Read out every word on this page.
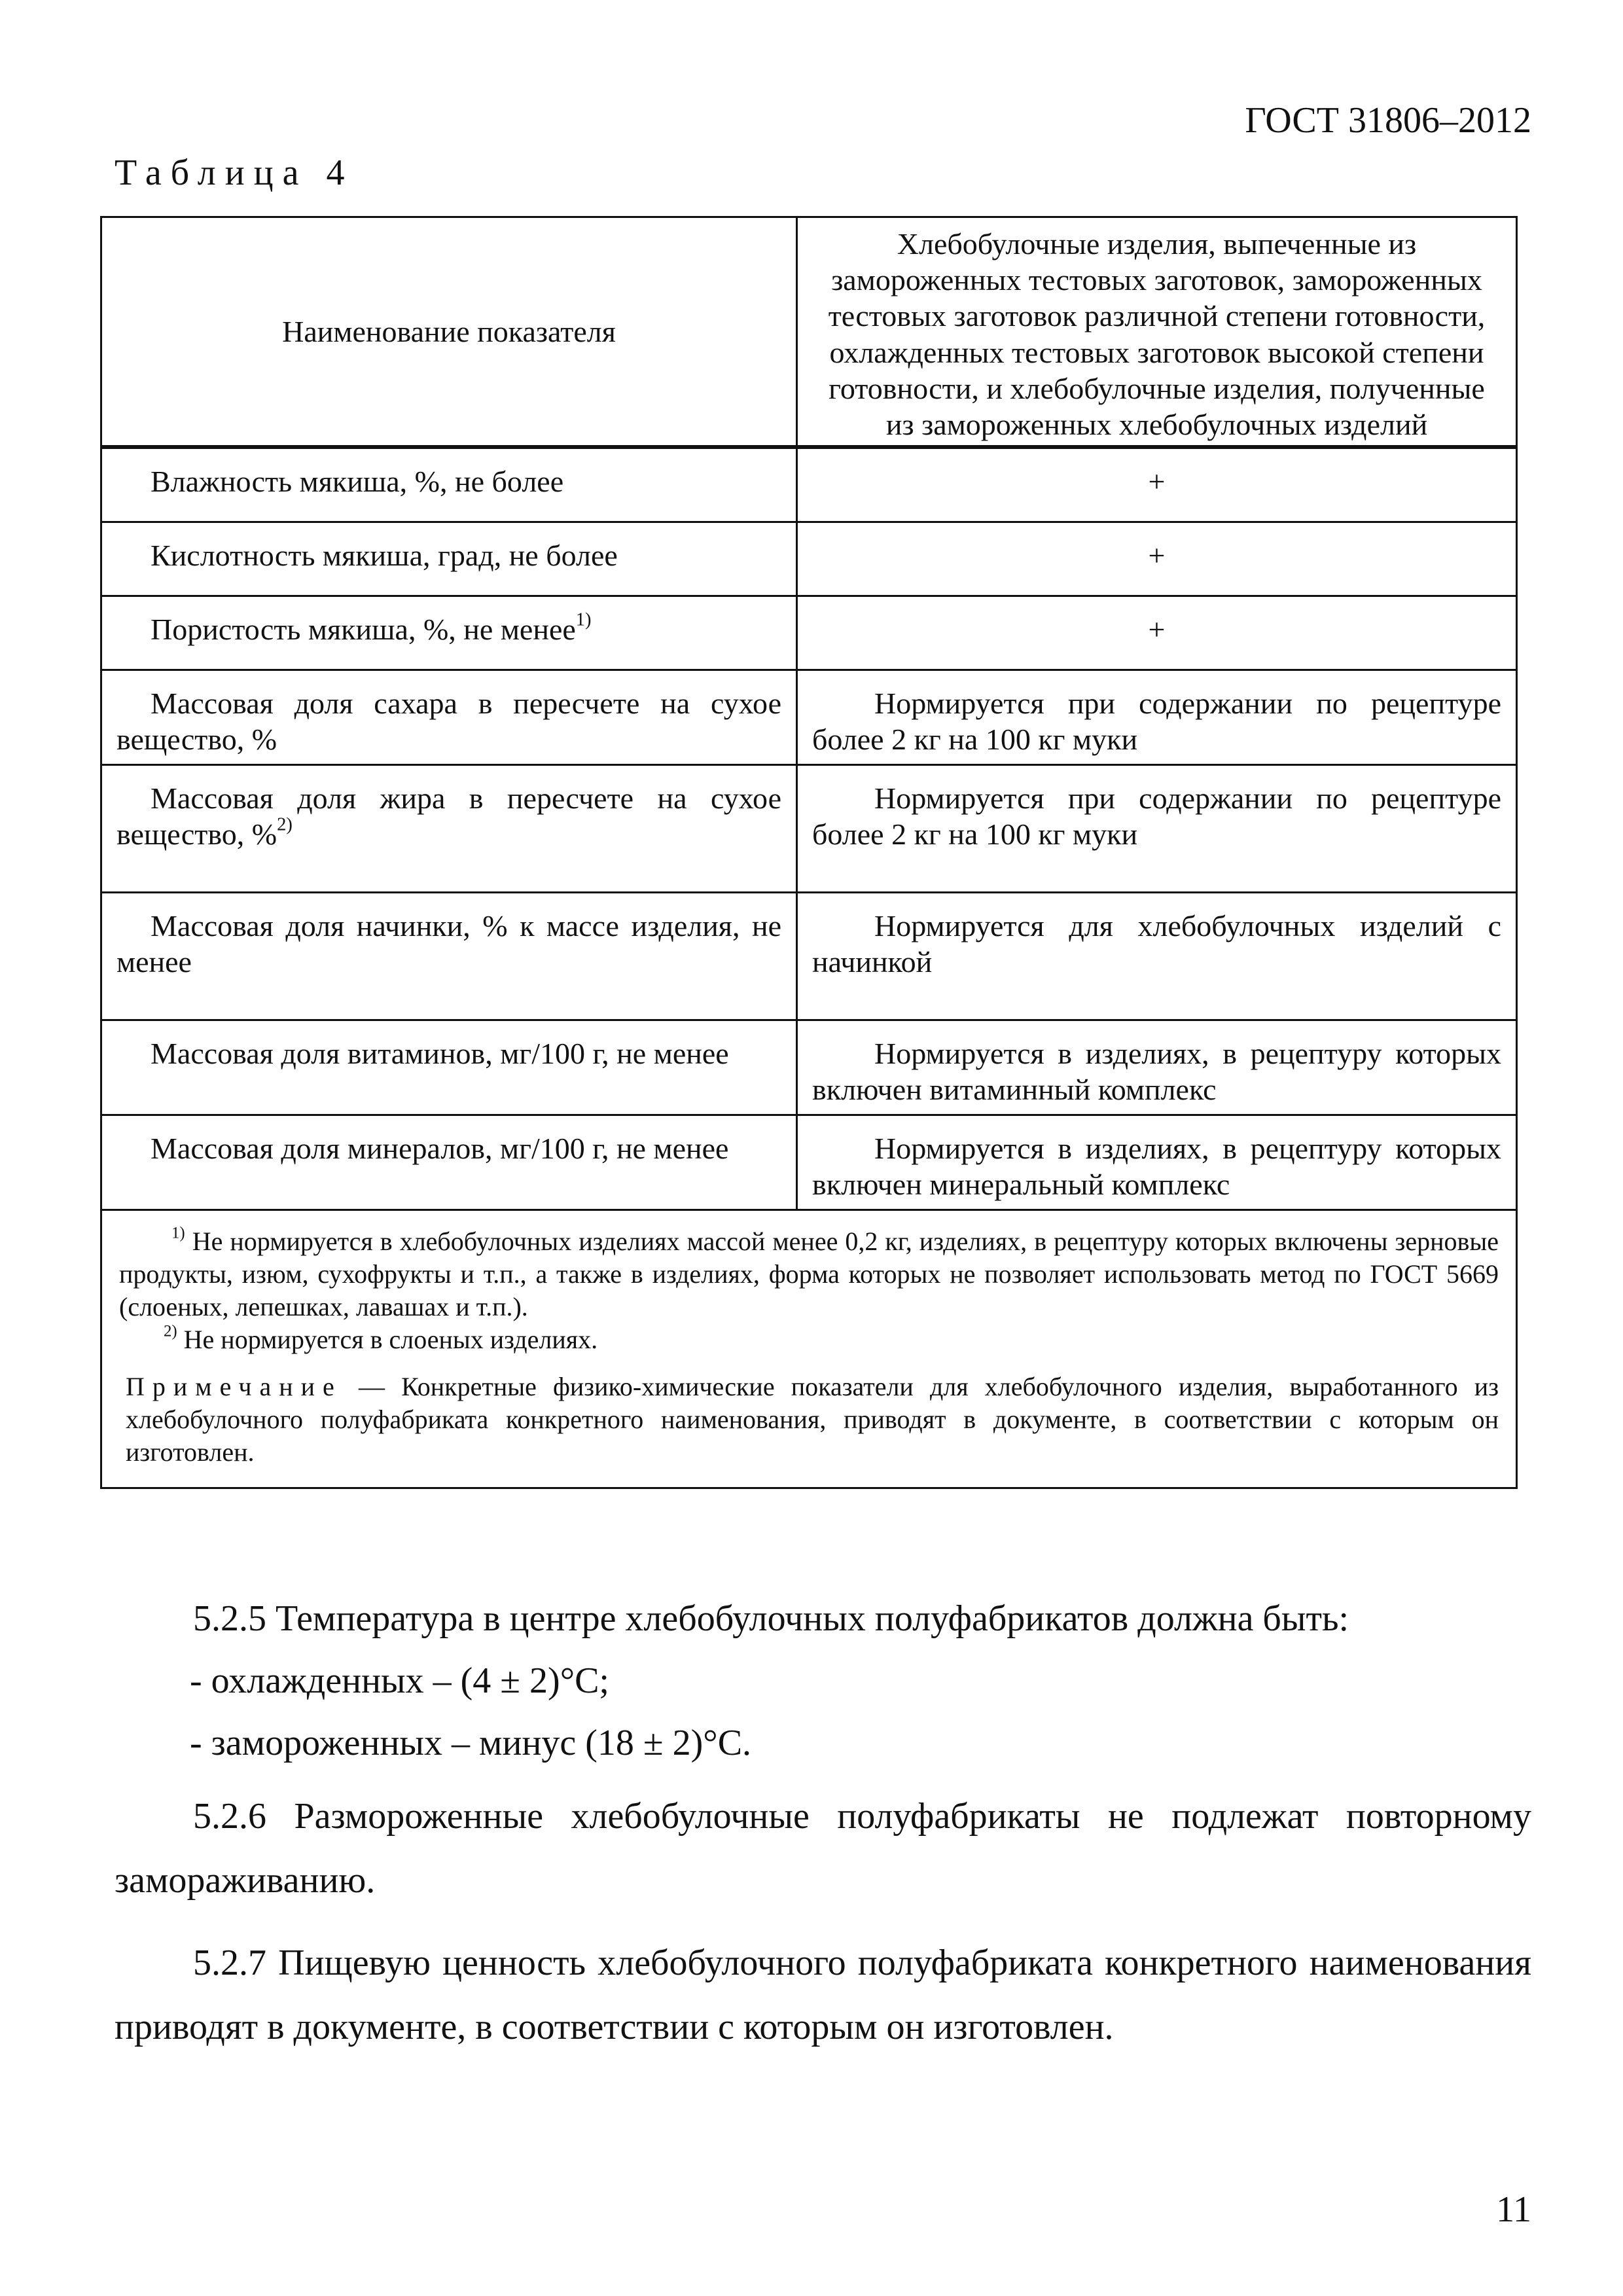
ГОСТ 31806–2012
Таблица 4
Наименование показателя	Хлебобулочные изделия, выпеченные из замороженных тестовых заготовок, замороженных тестовых заготовок различной степени готовности, охлажденных тестовых заготовок высокой степени готовности, и хлебобулочные изделия, полученные из замороженных хлебобулочных изделий
Влажность мякиша, %, не более	+
Кислотность мякиша, град, не более	+
Пористость мякиша, %, не менее$^{1)}$	+
Массовая доля сахара в пересчете на сухое вещество, %	Нормируется при содержании по рецептуре более 2 кг на 100 кг муки
Массовая доля жира в пересчете на сухое вещество, %$^{2)}$	Нормируется при содержании по рецептуре более 2 кг на 100 кг муки
Массовая доля начинки, % к массе изделия, не менее	Нормируется для хлебобулочных изделий с начинкой
Массовая доля витаминов, мг/100 г, не менее	Нормируется в изделиях, в рецептуру которых включен витаминный комплекс
Массовая доля минералов, мг/100 г, не менее	Нормируется в изделиях, в рецептуру которых включен минеральный комплекс

$^{1)}$ Не нормируется в хлебобулочных изделиях массой менее 0,2 кг, изделиях, в рецептуру которых включены зерновые продукты, изюм, сухофрукты и т.п., а также в изделиях, форма которых не позволяет использовать метод по ГОСТ 5669 (слоеных, лепешках, лавашах и т.п.).

$^{2)}$ Не нормируется в слоеных изделиях.

Примечание — Конкретные физико-химические показатели для хлебобулочного изделия, выработанного из хлебобулочного полуфабриката конкретного наименования, приводят в документе, в соответствии с которым он изготовлен.	

5.2.5 Температура в центре хлебобулочных полуфабрикатов должна быть:

- охлажденных – (4 ± 2)°С;

- замороженных – минус (18 ± 2)°С.

5.2.6 Размороженные хлебобулочные полуфабрикаты не подлежат повторному замораживанию.

5.2.7 Пищевую ценность хлебобулочного полуфабриката конкретного наименования приводят в документе, в соответствии с которым он изготовлен.

11
